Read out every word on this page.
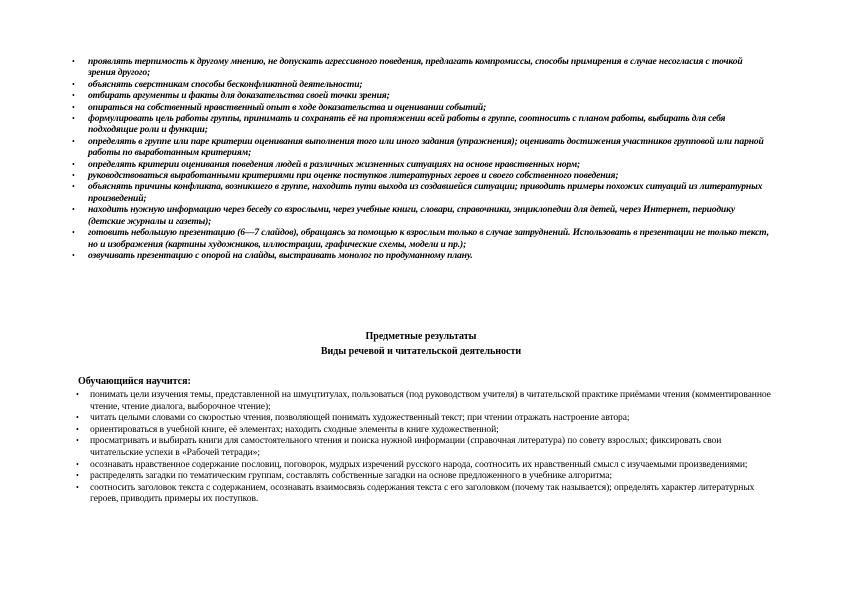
• проявлять терпимость к другому мнению, не допускать агрессивного поведения, предлагать компромиссы, способы примирения в случае несогласия с точкой зрения другого;
• объяснять сверстникам способы бесконфликтной деятельности;
• отбирать аргументы и факты для доказательства своей точки зрения;
• опираться на собственный нравственный опыт в ходе доказательства и оценивании событий;
• формулировать цель работы группы, принимать и сохранять её на протяжении всей работы в группе, соотносить с планом работы, выбирать для себя подходящие роли и функции;
• определять в группе или паре критерии оценивания выполнения того или иного задания (упражнения); оценивать достижения участников групповой или парной работы по выработанным критериям;
• определять критерии оценивания поведения людей в различных жизненных ситуациях на основе нравственных норм;
• руководствоваться выработанными критериями при оценке поступков литературных героев и своего собственного поведения;
• объяснять причины конфликта, возникшего в группе, находить пути выхода из создавшейся ситуации; приводить примеры похожих ситуаций из литературных произведений;
• находить нужную информацию через беседу со взрослыми, через учебные книги, словари, справочники, энциклопедии для детей, через Интернет, периодику (детские журналы и газеты);
• готовить небольшую презентацию (6—7 слайдов), обращаясь за помощью к взрослым только в случае затруднений. Использовать в презентации не только текст, но и изображения (картины художников, иллюстрации, графические схемы, модели и пр.);
• озвучивать презентацию с опорой на слайды, выстраивать монолог по продуманному плану.
Предметные результаты
Виды речевой и читательской деятельности
Обучающийся научится:
• понимать цели изучения темы, представленной на шмуцтитулах, пользоваться (под руководством учителя) в читательской практике приёмами чтения (комментированное чтение, чтение диалога, выборочное чтение);
• читать целыми словами со скоростью чтения, позволяющей понимать художественный текст; при чтении отражать настроение автора;
• ориентироваться в учебной книге, её элементах; находить сходные элементы в книге художественной;
• просматривать и выбирать книги для самостоятельного чтения и поиска нужной информации (справочная литература) по совету взрослых; фиксировать свои читательские успехи в «Рабочей тетради»;
• осознавать нравственное содержание пословиц, поговорок, мудрых изречений русского народа, соотносить их нравственный смысл с изучаемыми произведениями;
• распределять загадки по тематическим группам, составлять собственные загадки на основе предложенного в учебнике алгоритма;
• соотносить заголовок текста с содержанием, осознавать взаимосвязь содержания текста с его заголовком (почему так называется); определять характер литературных героев, приводить примеры их поступков.
